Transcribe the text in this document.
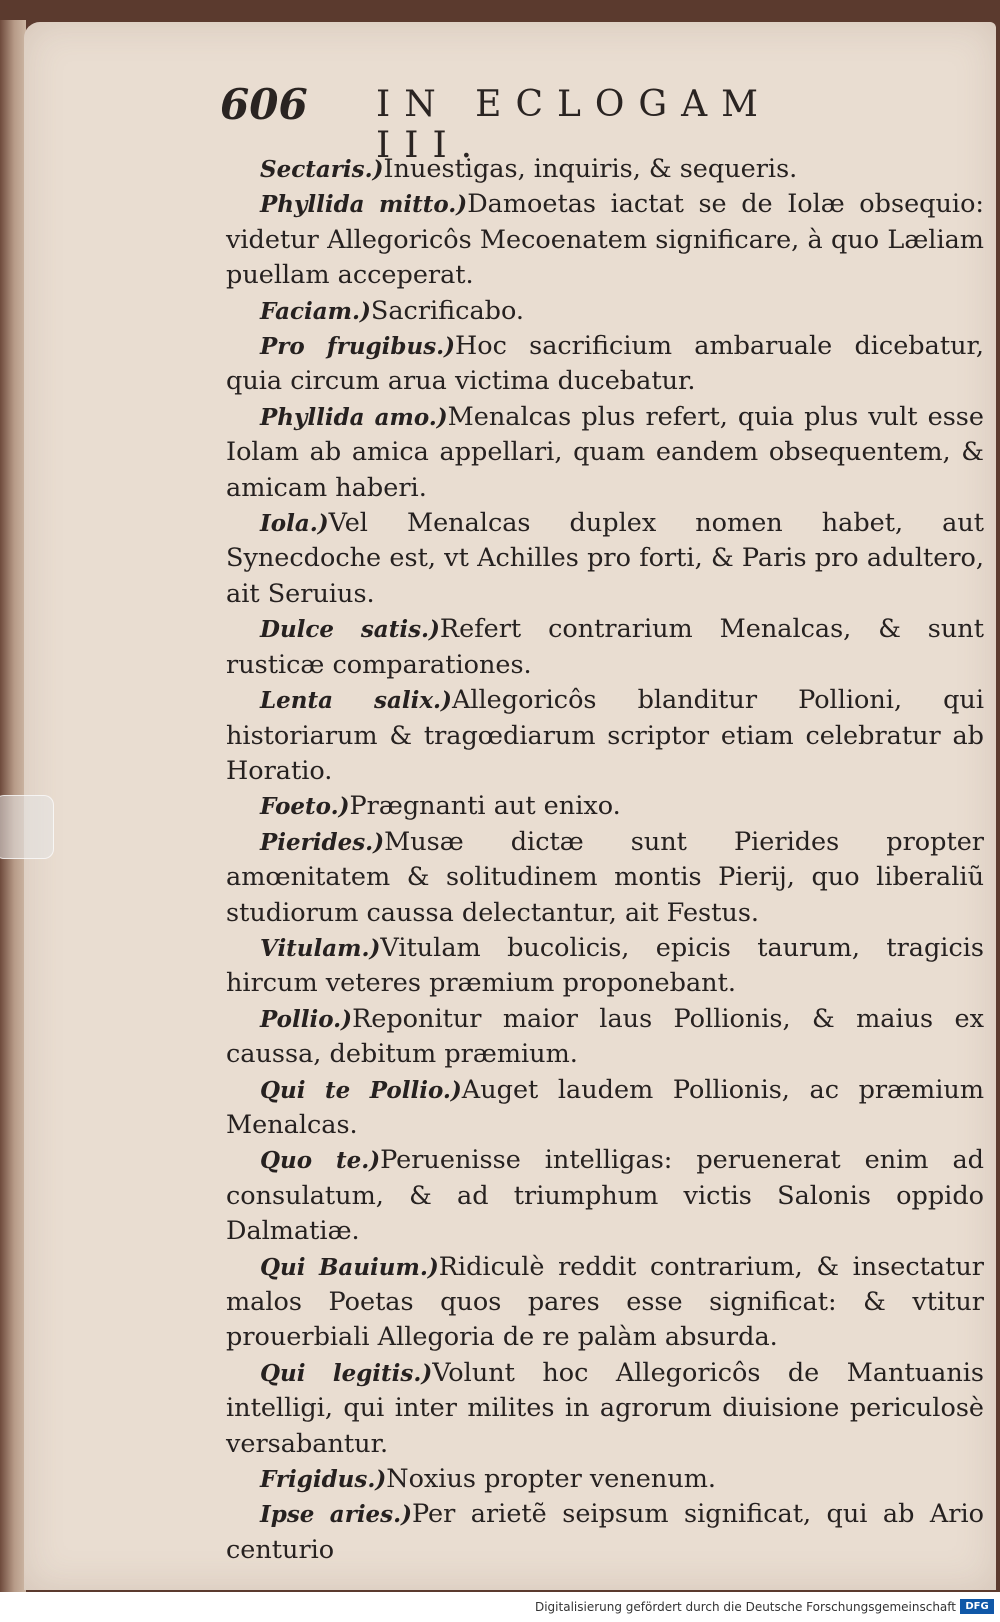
606 IN ECLOGAM III.

Sectaris.)Inuestigas, inquiris, & sequeris.

Phyllida mitto.)Damoetas iactat se de Iolæ obsequio: videtur Allegoricôs Mecoenatem significare, à quo Læliam puellam acceperat.

Faciam.)Sacrificabo.

Pro frugibus.)Hoc sacrificium ambaruale dicebatur, quia circum arua victima ducebatur.

Phyllida amo.)Menalcas plus refert, quia plus vult esse Iolam ab amica appellari, quam eandem obsequentem, & amicam haberi.

Iola.)Vel Menalcas duplex nomen habet, aut Synecdoche est, vt Achilles pro forti, & Paris pro adultero, ait Seruius.

Dulce satis.)Refert contrarium Menalcas, & sunt rusticæ comparationes.

Lenta salix.)Allegoricôs blanditur Pollioni, qui historiarum & tragœdiarum scriptor etiam celebratur ab Horatio.

Foeto.)Prægnanti aut enixo.

Pierides.)Musæ dictæ sunt Pierides propter amœnitatem & solitudinem montis Pierij, quo liberaliũ studiorum caussa delectantur, ait Festus.

Vitulam.)Vitulam bucolicis, epicis taurum, tragicis hircum veteres præmium proponebant.

Pollio.)Reponitur maior laus Pollionis, & maius ex caussa, debitum præmium.

Qui te Pollio.)Auget laudem Pollionis, ac præmium Menalcas.

Quo te.)Peruenisse intelligas: peruenerat enim ad consulatum, & ad triumphum victis Salonis oppido Dalmatiæ.

Qui Bauium.)Ridiculè reddit contrarium, & insectatur malos Poetas quos pares esse significat: & vtitur prouerbiali Allegoria de re palàm absurda.

Qui legitis.)Volunt hoc Allegoricôs de Mantuanis intelligi, qui inter milites in agrorum diuisione periculosè versabantur.

Frigidus.)Noxius propter venenum.

Ipse aries.)Per arietẽ seipsum significat, qui ab Ario centurio

Digitalisierung gefördert durch die Deutsche Forschungsgemeinschaft DFG
